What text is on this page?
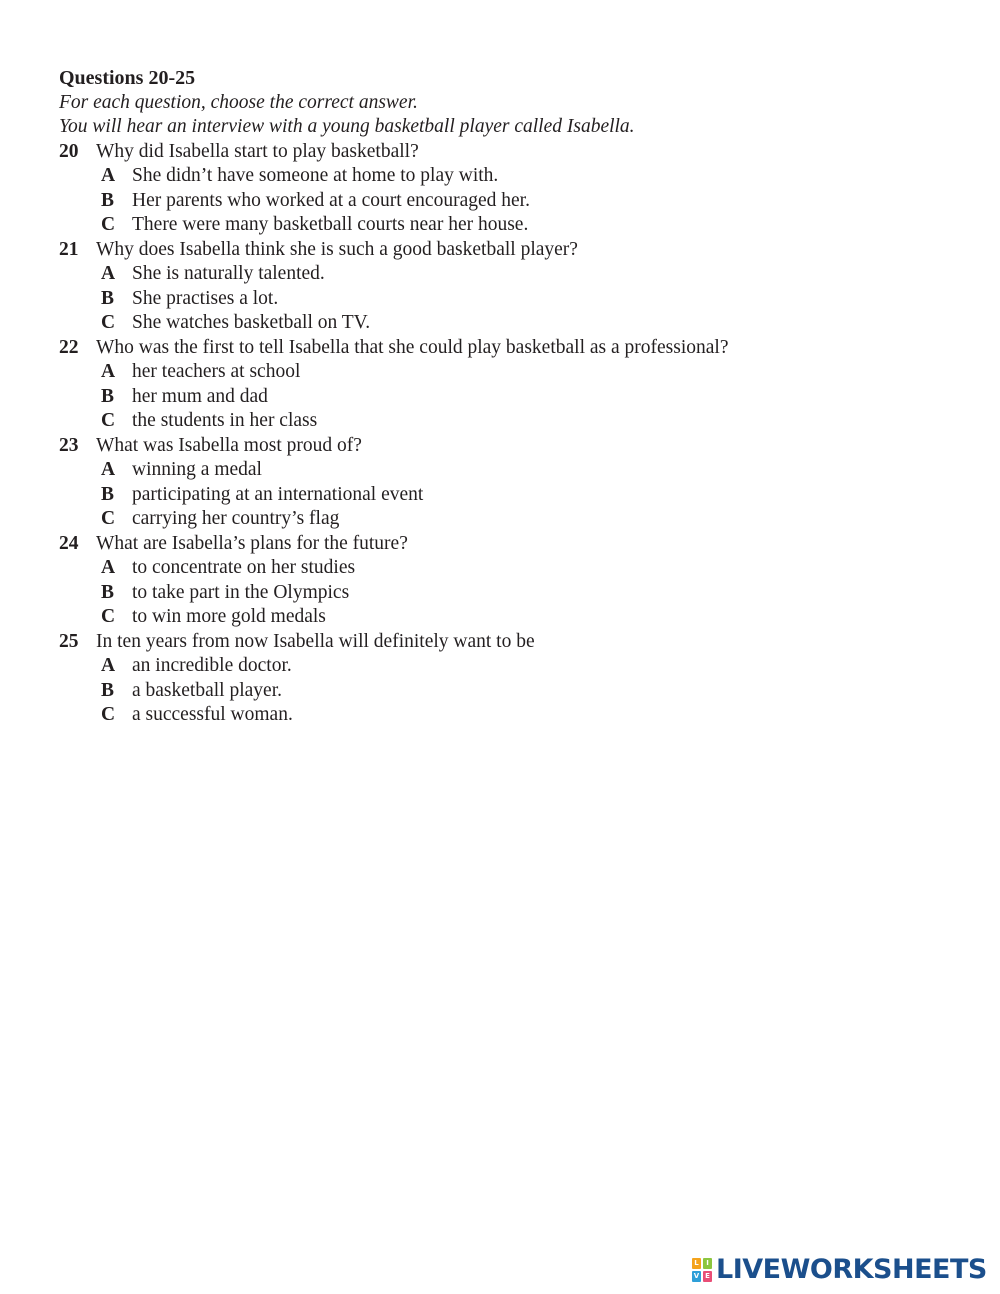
Questions 20-25
For each question, choose the correct answer.
You will hear an interview with a young basketball player called Isabella.
20 Why did Isabella start to play basketball?
A She didn’t have someone at home to play with.
B Her parents who worked at a court encouraged her.
C There were many basketball courts near her house.
21 Why does Isabella think she is such a good basketball player?
A She is naturally talented.
B She practises a lot.
C She watches basketball on TV.
22 Who was the first to tell Isabella that she could play basketball as a professional?
A her teachers at school
B her mum and dad
C the students in her class
23 What was Isabella most proud of?
A winning a medal
B participating at an international event
C carrying her country’s flag
24 What are Isabella’s plans for the future?
A to concentrate on her studies
B to take part in the Olympics
C to win more gold medals
25 In ten years from now Isabella will definitely want to be
A an incredible doctor.
B a basketball player.
C a successful woman.
L	I
V E LIVEWORKSHEETS
